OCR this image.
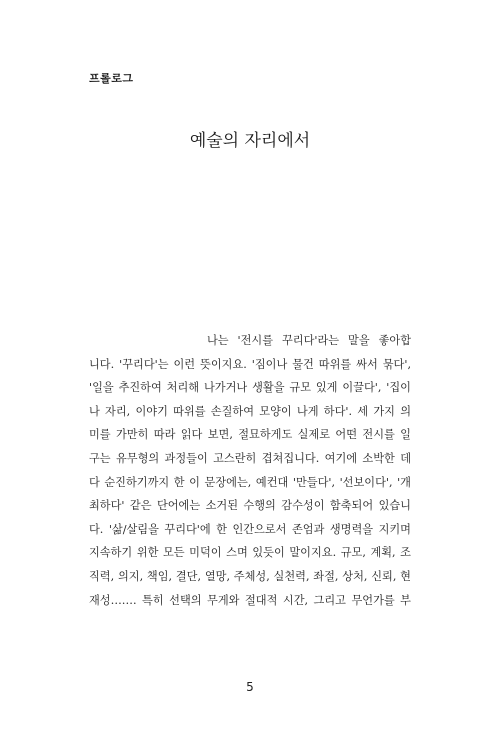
프롤로그
예술의 자리에서
나는 '전시를 꾸리다'라는 말을 좋아합
니다. '꾸리다'는 이런 뜻이지요. '짐이나 물건 따위를 싸서 묶다',
'일을 추진하여 처리해 나가거나 생활을 규모 있게 이끌다', '집이
나 자리, 이야기 따위를 손질하여 모양이 나게 하다'. 세 가지 의
미를 가만히 따라 읽다 보면, 절묘하게도 실제로 어떤 전시를 일
구는 유무형의 과정들이 고스란히 겹쳐집니다. 여기에 소박한 데
다 순진하기까지 한 이 문장에는, 예컨대 '만들다', '선보이다', '개
최하다' 같은 단어에는 소거된 수행의 감수성이 함축되어 있습니
다. '삶/살림을 꾸리다'에 한 인간으로서 존엄과 생명력을 지키며
지속하기 위한 모든 미덕이 스며 있듯이 말이지요. 규모, 계획, 조
직력, 의지, 책임, 결단, 열망, 주체성, 실천력, 좌절, 상처, 신뢰, 현
재성……. 특히 선택의 무게와 절대적 시간, 그리고 무언가를 부
5
